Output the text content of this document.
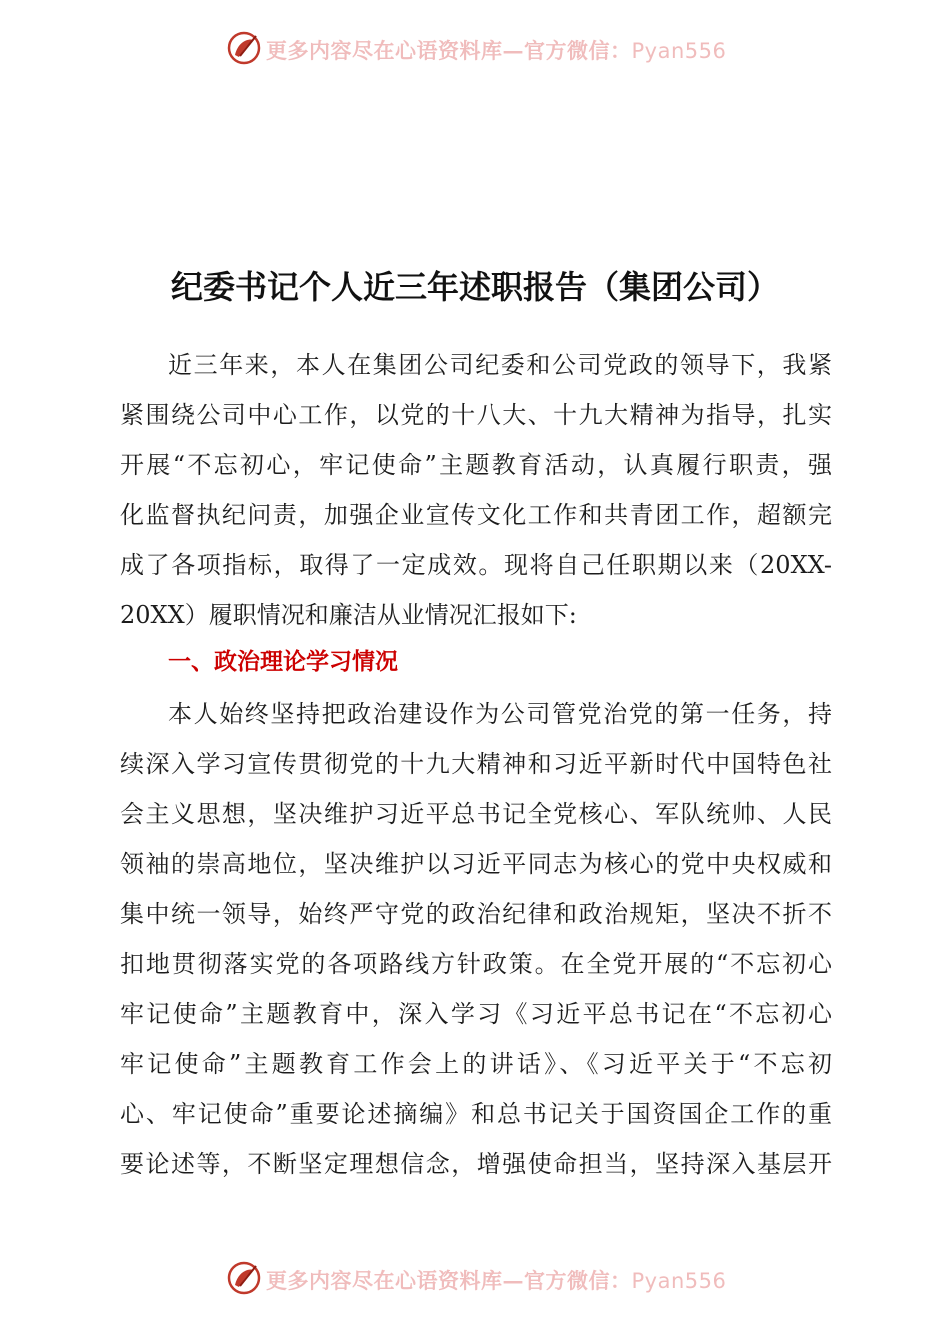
更多内容尽在心语资料库—官方微信：Pyan556
纪委书记个人近三年述职报告（集团公司）
近三年来，本人在集团公司纪委和公司党政的领导下，我紧
紧围绕公司中心工作，以党的十八大、十九大精神为指导，扎实
开展“不忘初心，牢记使命”主题教育活动，认真履行职责，强
化监督执纪问责，加强企业宣传文化工作和共青团工作，超额完
成了各项指标，取得了一定成效。现将自己任职期以来（20XX-
20XX）履职情况和廉洁从业情况汇报如下:
一、政治理论学习情况
本人始终坚持把政治建设作为公司管党治党的第一任务，持
续深入学习宣传贯彻党的十九大精神和习近平新时代中国特色社
会主义思想，坚决维护习近平总书记全党核心、军队统帅、人民
领袖的崇高地位，坚决维护以习近平同志为核心的党中央权威和
集中统一领导，始终严守党的政治纪律和政治规矩，坚决不折不
扣地贯彻落实党的各项路线方针政策。在全党开展的“不忘初心
牢记使命”主题教育中，深入学习《习近平总书记在“不忘初心
牢记使命”主题教育工作会上的讲话》、《习近平关于“不忘初
心、牢记使命”重要论述摘编》和总书记关于国资国企工作的重
要论述等，不断坚定理想信念，增强使命担当，坚持深入基层开
更多内容尽在心语资料库—官方微信：Pyan556
